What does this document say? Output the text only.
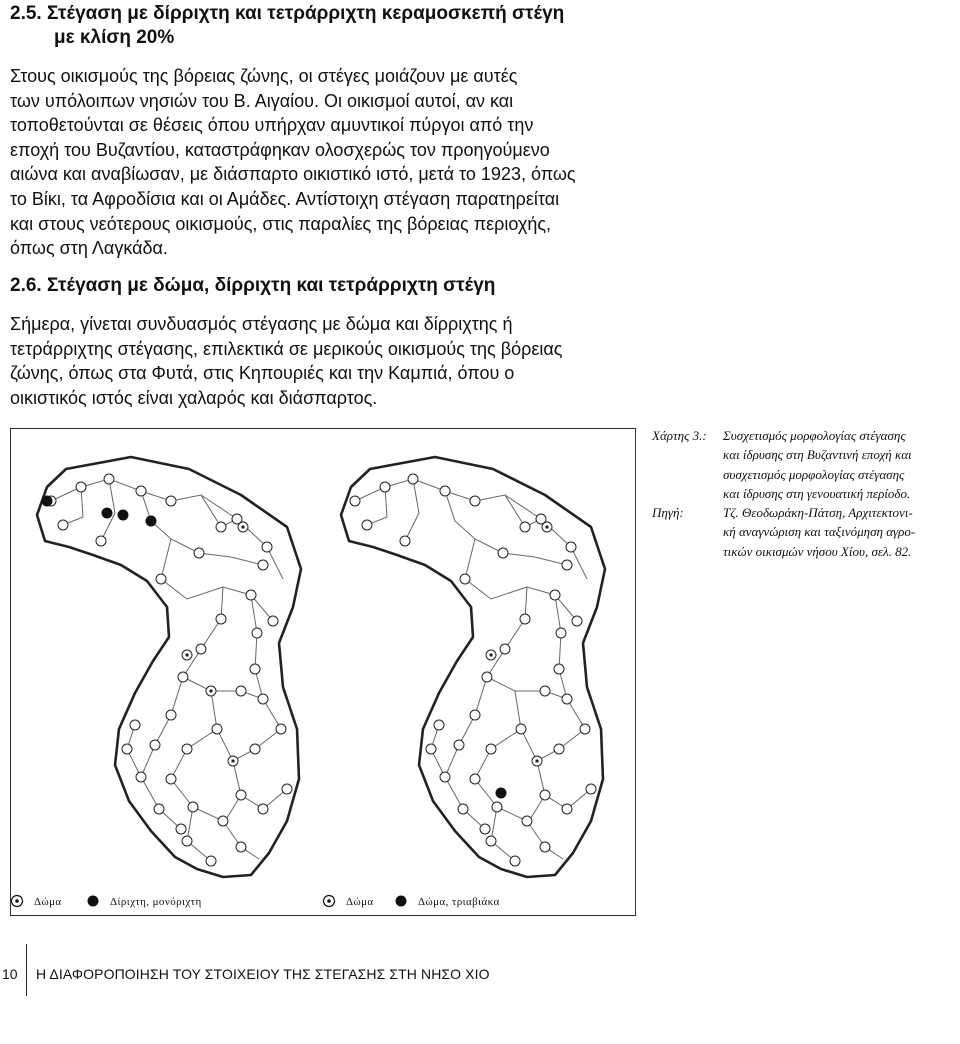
2.5. Στέγαση με δίρριχτη και τετράρριχτη κεραμοσκεπή στέγη
με κλίση 20%
Στους οικισμούς της βόρειας ζώνης, οι στέγες μοιάζουν με αυτές
των υπόλοιπων νησιών του Β. Αιγαίου. Οι οικισμοί αυτοί, αν και
τοποθετούνται σε θέσεις όπου υπήρχαν αμυντικοί πύργοι από την
εποχή του Βυζαντίου, καταστράφηκαν ολοσχερώς τον προηγούμενο
αιώνα και αναβίωσαν, με διάσπαρτο οικιστικό ιστό, μετά το 1923, όπως
το Βίκι, τα Αφροδίσια και οι Αμάδες. Αντίστοιχη στέγαση παρατηρείται
και στους νεότερους οικισμούς, στις παραλίες της βόρειας περιοχής,
όπως στη Λαγκάδα.
2.6. Στέγαση με δώμα, δίρριχτη και τετράρριχτη στέγη
Σήμερα, γίνεται συνδυασμός στέγασης με δώμα και δίρριχτης ή
τετράρριχτης στέγασης, επιλεκτικά σε μερικούς οικισμούς της βόρειας
ζώνης, όπως στα Φυτά, στις Κηπουριές και την Καμπιά, όπου ο
οικιστικός ιστός είναι χαλαρός και διάσπαρτος.
Δώμα	Δίριχτη, μονόριχτη	Δώμα	Δώμα, τριαβιάκα
Χάρτης 3.: Συσχετισμός μορφολογίας στέγασης
και ίδρυσης στη Βυζαντινή εποχή και
συσχετισμός μορφολογίας στέγασης
και ίδρυσης στη γενουατική περίοδο.
Πηγή:	Τζ. Θεοδωράκη-Πάτση, Αρχιτεκτονι-
κή αναγνώριση και ταξινόμηση αγρο-
τικών οικισμών νήσου Χίου, σελ. 82.
10 Η ΔΙΑΦΟΡΟΠΟΙΗΣΗ ΤΟΥ ΣΤΟΙΧΕΙΟΥ ΤΗΣ ΣΤΕΓΑΣΗΣ ΣΤΗ ΝΗΣΟ ΧΙΟ
